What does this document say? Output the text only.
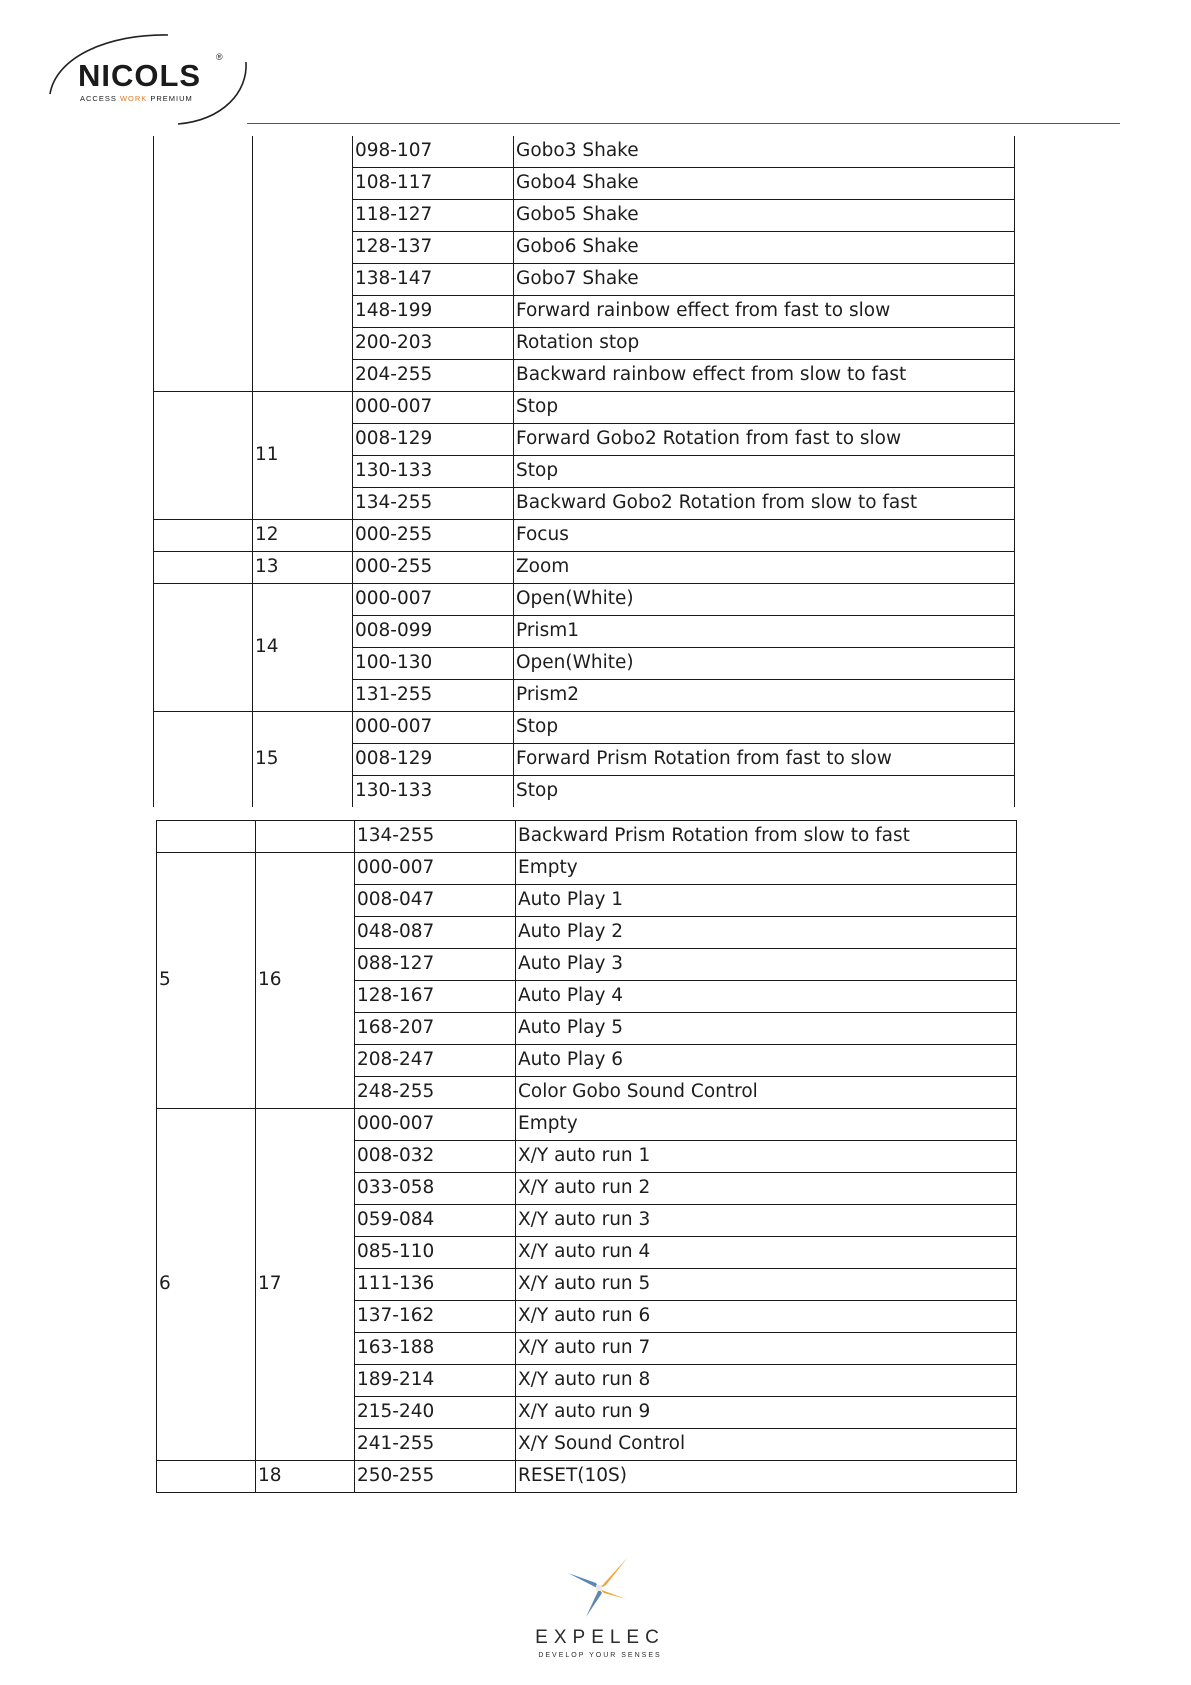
NICOLS
®
ACCESS WORK PREMIUM
		098-107	Gobo3 Shake
		108-117	Gobo4 Shake
		118-127	Gobo5 Shake
		128-137	Gobo6 Shake
		138-147	Gobo7 Shake
		148-199	Forward rainbow effect from fast to slow
		200-203	Rotation stop
		204-255	Backward rainbow effect from slow to fast
	11	000-007	Stop
		008-129	Forward Gobo2 Rotation from fast to slow
		130-133	Stop
		134-255	Backward Gobo2 Rotation from slow to fast
	12	000-255	Focus
	13	000-255	Zoom
	14	000-007	Open(White)
		008-099	Prism1
		100-130	Open(White)
		131-255	Prism2
	15	000-007	Stop
		008-129	Forward Prism Rotation from fast to slow
		130-133	Stop
		134-255	Backward Prism Rotation from slow to fast
5	16	000-007	Empty
		008-047	Auto Play 1
		048-087	Auto Play 2
		088-127	Auto Play 3
		128-167	Auto Play 4
		168-207	Auto Play 5
		208-247	Auto Play 6
		248-255	Color Gobo Sound Control
6	17	000-007	Empty
		008-032	X/Y auto run 1
		033-058	X/Y auto run 2
		059-084	X/Y auto run 3
		085-110	X/Y auto run 4
		111-136	X/Y auto run 5
		137-162	X/Y auto run 6
		163-188	X/Y auto run 7
		189-214	X/Y auto run 8
		215-240	X/Y auto run 9
		241-255	X/Y Sound Control
	18	250-255	RESET(10S)
EXPELEC
DEVELOP YOUR SENSES
